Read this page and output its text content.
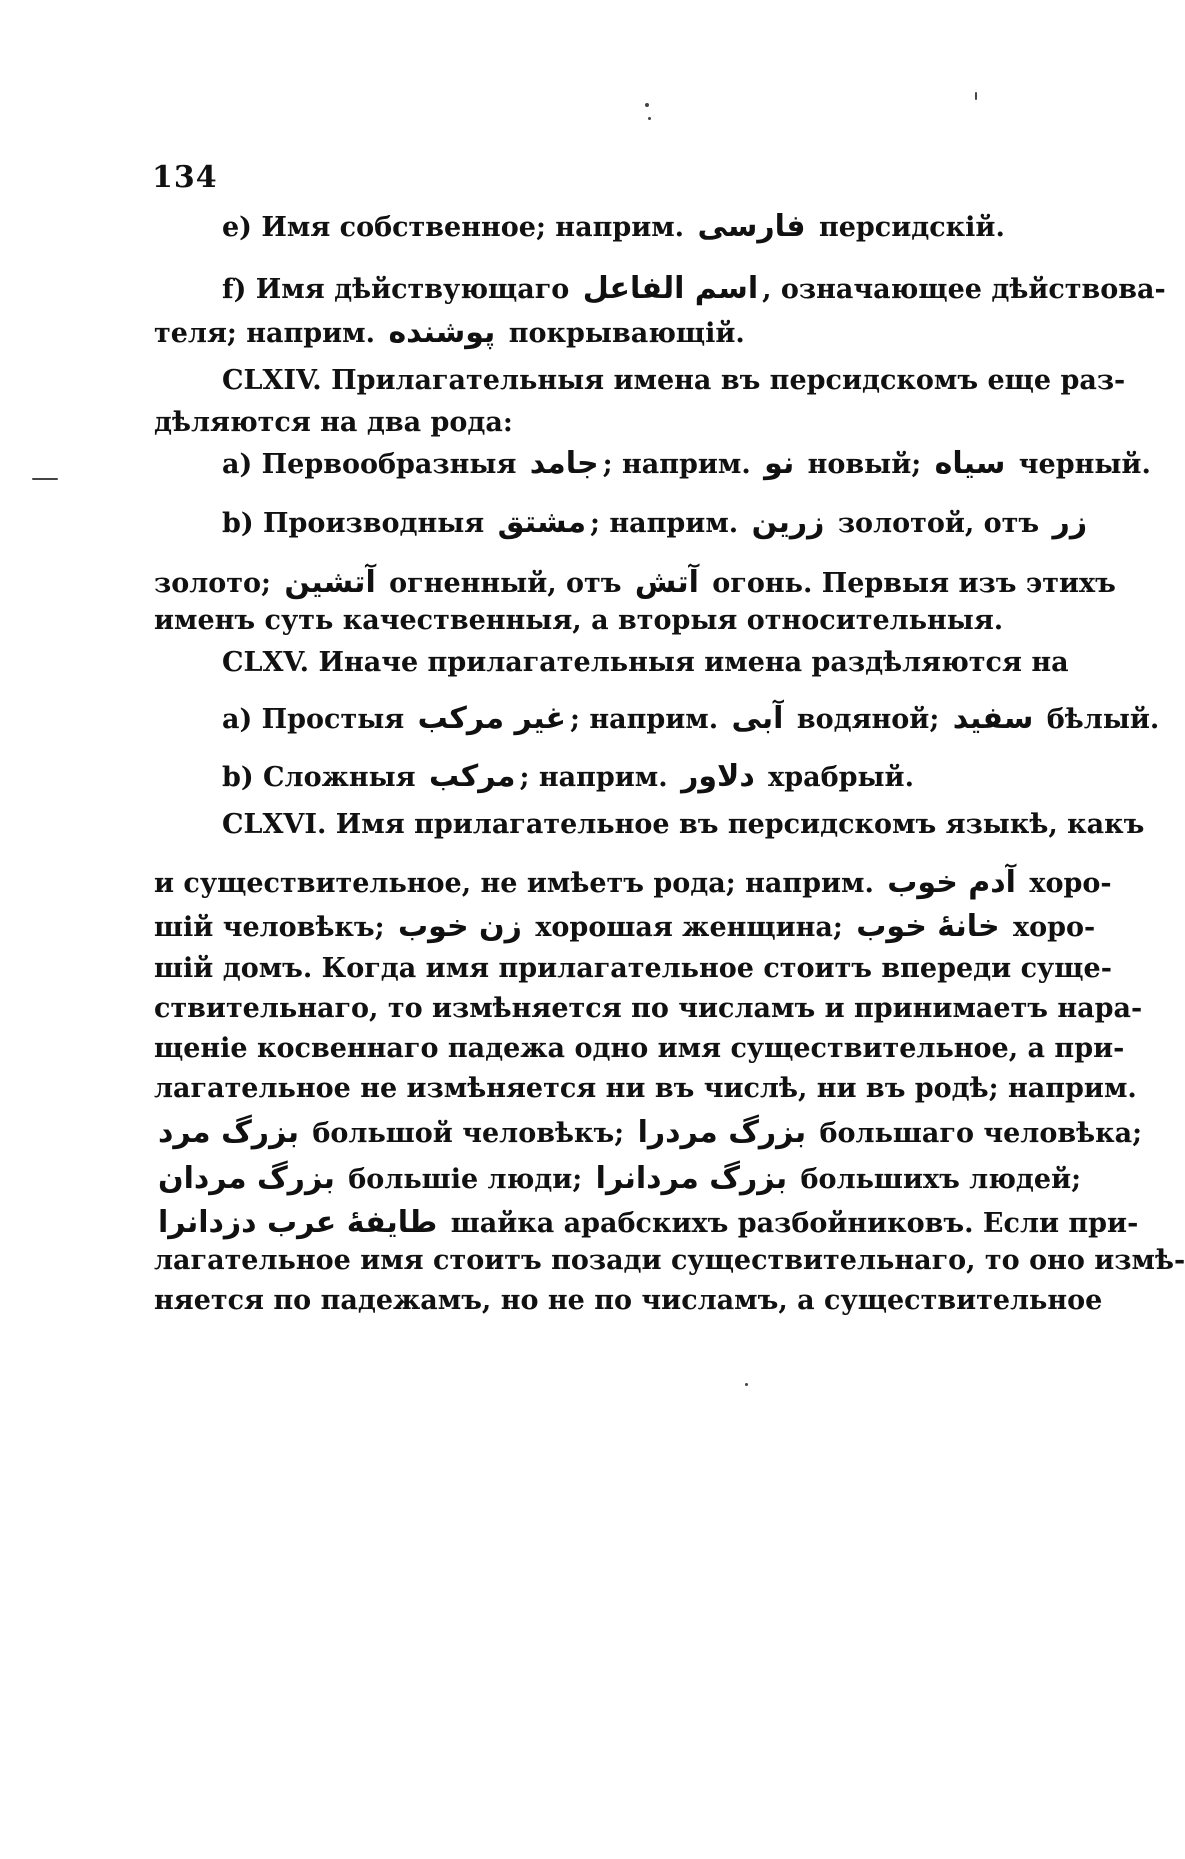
134
e) Имя собственное; наприм. فارسی персидскій.
f) Имя дѣйствующаго اسم الفاعل , означающее дѣйствова-
теля; наприм. پوشنده покрывающій.
CLXIV. Прилагательныя имена въ персидскомъ еще раз-
дѣляются на два рода:
a) Первообразныя جامد ; наприм. نو новый; سیاه черный.
b) Производныя مشتق ; наприм. زرین золотой, отъ زر
золото; آتشین огненный, отъ آتش огонь. Первыя изъ этихъ
именъ суть качественныя, а вторыя относительныя.
CLXV. Иначе прилагательныя имена раздѣляются на
a) Простыя غیر مرکب ; наприм. آبی водяной; سفید бѣлый.
b) Сложныя مرکب ; наприм. دلاور храбрый.
CLXVI. Имя прилагательное въ персидскомъ языкѣ, какъ
и существительное, не имѣетъ рода; наприм. آدم خوب хоро-
шій человѣкъ; زن خوب хорошая женщина; خانهٔ خوب хоро-
шій домъ. Когда имя прилагательное стоитъ впереди суще-
ствительнаго, то измѣняется по числамъ и принимаетъ нара-
щеніе косвеннаго падежа одно имя существительное, а при-
лагательное не измѣняется ни въ числѣ, ни въ родѣ; наприм.
بزرگ مرد большой человѣкъ; بزرگ مردرا большаго человѣка;
بزرگ مردان большіе люди; بزرگ مردانرا большихъ людей;
طایفهٔ عرب دزدانرا шайка арабскихъ разбойниковъ. Если при-
лагательное имя стоитъ позади существительнаго, то оно измѣ-
няется по падежамъ, но не по числамъ, а существительное
